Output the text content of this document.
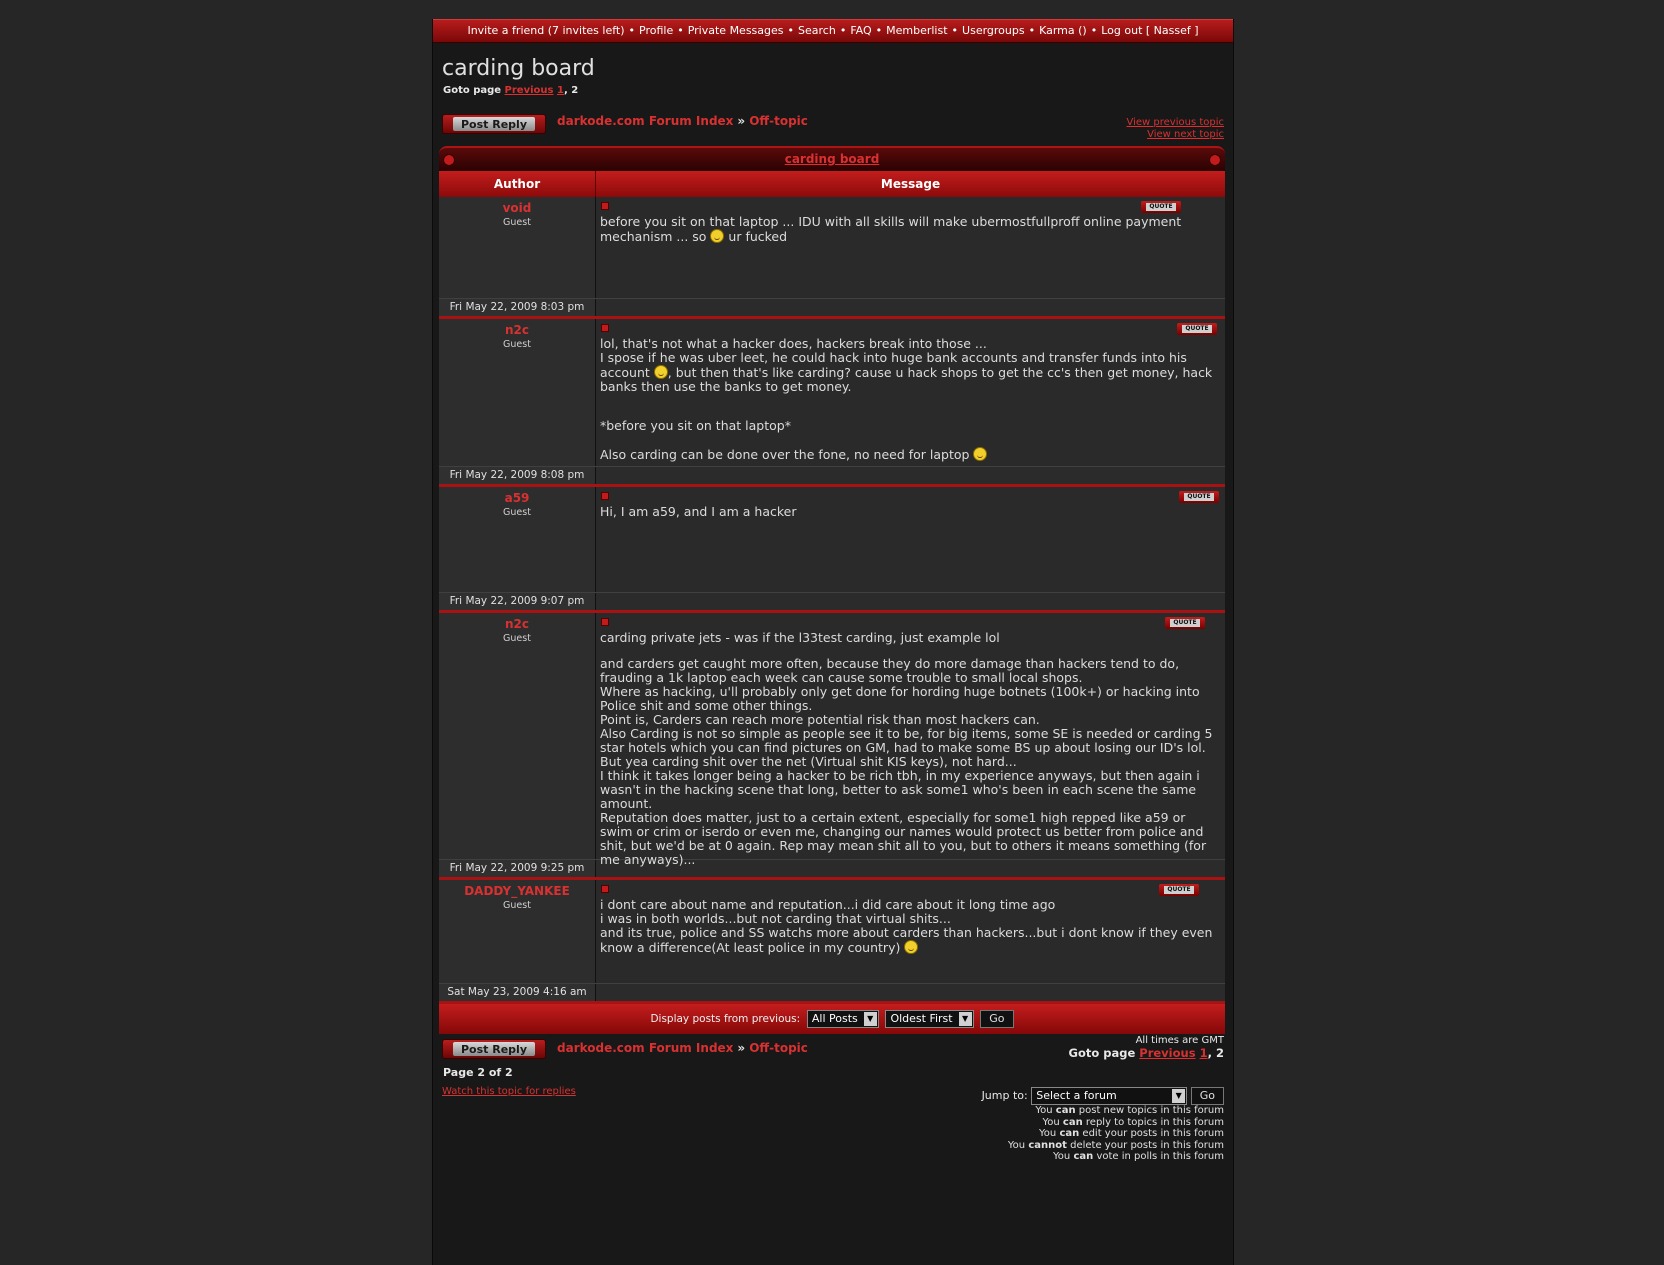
Invite a friend (7 invites left) • Profile • Private Messages • Search • FAQ • Memberlist • Usergroups • Karma () • Log out [ Nassef ]
carding board
Goto page Previous 1, 2
Post Reply	darkode.com Forum Index » Off-topic	View previous topic
View next topic
carding board
Author	Message
void
Guest
QUOTE
before you sit on that laptop ... IDU with all skills will make ubermostfullproff online payment
mechanism ... so ur fucked
Fri May 22, 2009 8:03 pm
n2c
Guest
QUOTE
lol, that's not what a hacker does, hackers break into those ...
I spose if he was uber leet, he could hack into huge bank accounts and transfer funds into his
account , but then that's like carding? cause u hack shops to get the cc's then get money, hack
banks then use the banks to get money.
*before you sit on that laptop*
Also carding can be done over the fone, no need for laptop
Fri May 22, 2009 8:08 pm
a59
Guest
QUOTE
Hi, I am a59, and I am a hacker
Fri May 22, 2009 9:07 pm
n2c
Guest
QUOTE
carding private jets - was if the l33test carding, just example lol
and carders get caught more often, because they do more damage than hackers tend to do,
frauding a 1k laptop each week can cause some trouble to small local shops.
Where as hacking, u'll probably only get done for hording huge botnets (100k+) or hacking into
Police shit and some other things.
Point is, Carders can reach more potential risk than most hackers can.
Also Carding is not so simple as people see it to be, for big items, some SE is needed or carding 5
star hotels which you can find pictures on GM, had to make some BS up about losing our ID's lol.
But yea carding shit over the net (Virtual shit KIS keys), not hard...
I think it takes longer being a hacker to be rich tbh, in my experience anyways, but then again i
wasn't in the hacking scene that long, better to ask some1 who's been in each scene the same
amount.
Reputation does matter, just to a certain extent, especially for some1 high repped like a59 or
swim or crim or iserdo or even me, changing our names would protect us better from police and
shit, but we'd be at 0 again. Rep may mean shit all to you, but to others it means something (for
me anyways)...
Fri May 22, 2009 9:25 pm
DADDY_YANKEE
Guest
QUOTE
i dont care about name and reputation...i did care about it long time ago
i was in both worlds...but not carding that virtual shits...
and its true, police and SS watchs more about carders than hackers...but i dont know if they even
know a difference(At least police in my country)
Sat May 23, 2009 4:16 am
Display posts from previous: All Posts	▼	Oldest First	▼	Go
Post Reply	darkode.com Forum Index » Off-topic
All times are GMT
Goto page Previous 1, 2
Page 2 of 2
Watch this topic for replies	Jump to: Select a forum	▼	Go
You can post new topics in this forum
You can reply to topics in this forum
You can edit your posts in this forum
You cannot delete your posts in this forum
You can vote in polls in this forum
